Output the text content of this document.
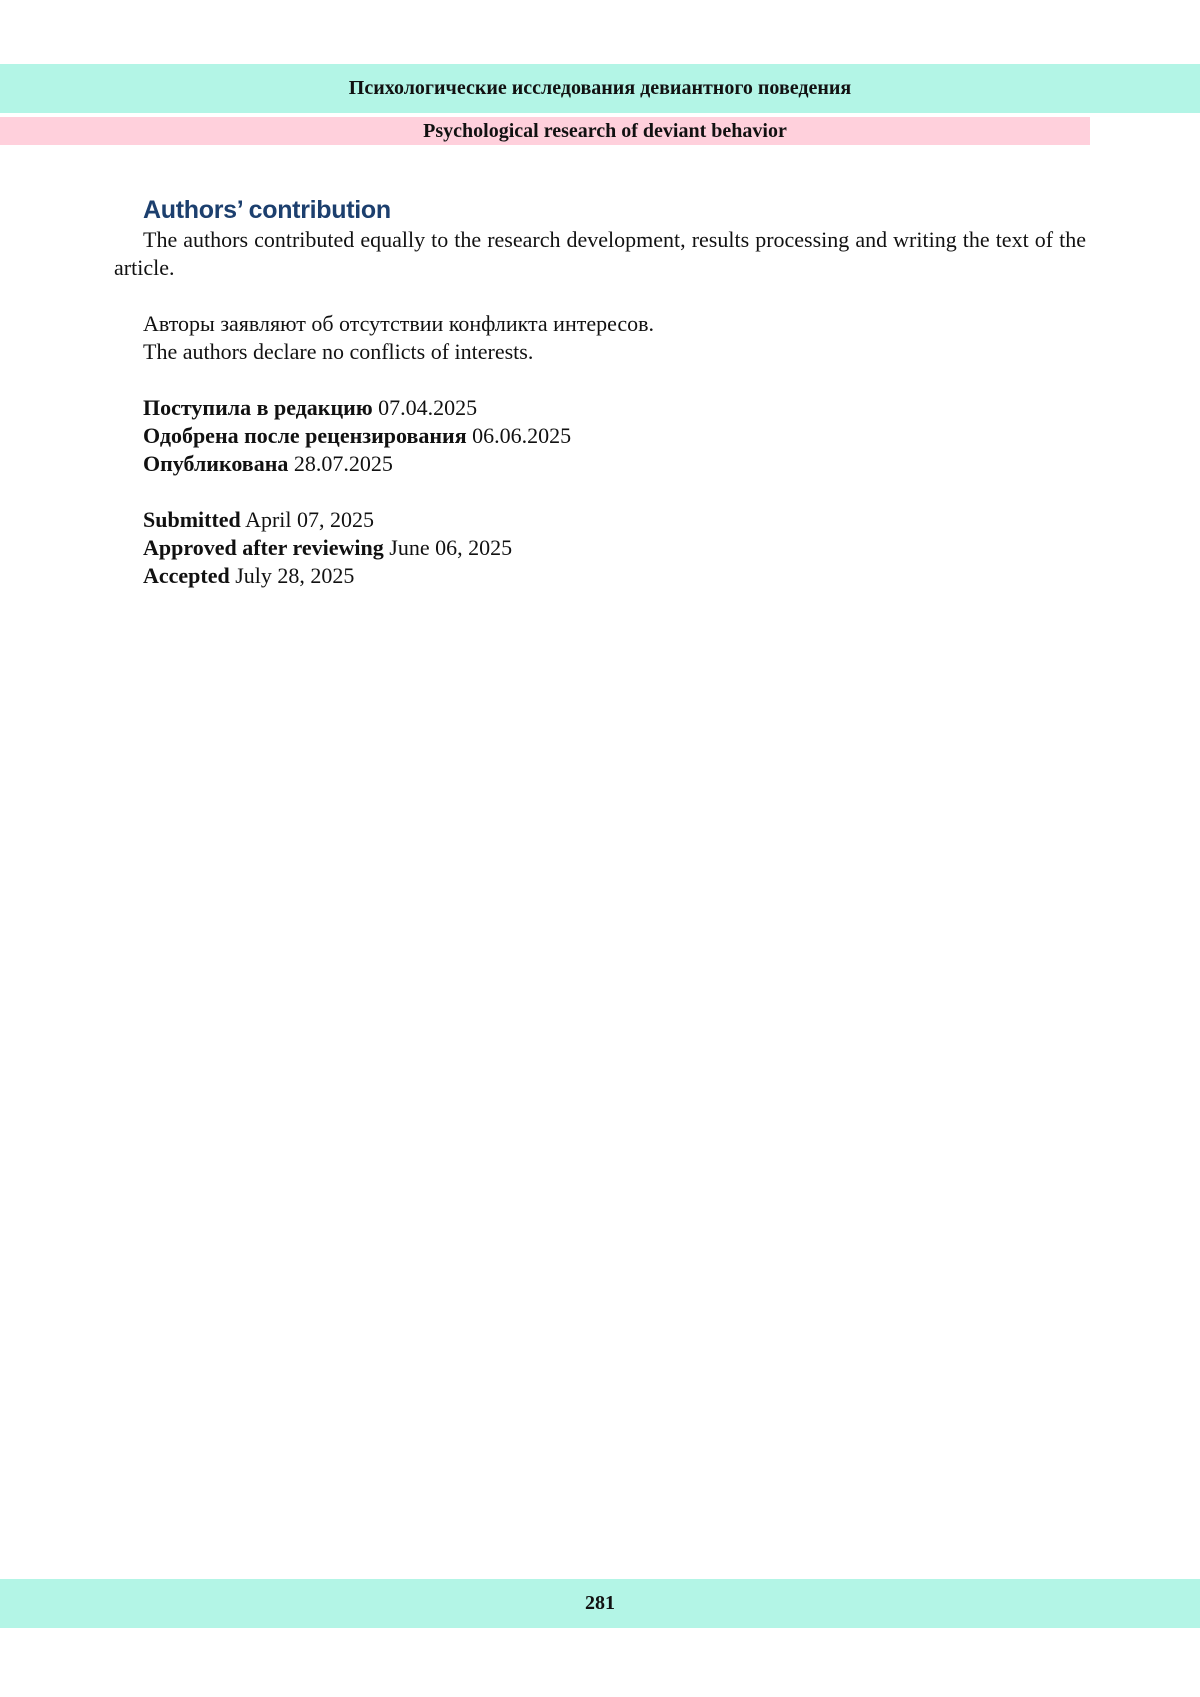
Психологические исследования девиантного поведения
Psychological research of deviant behavior
Authors’ contribution

The authors contributed equally to the research development, results processing and writing the text of the article.

Авторы заявляют об отсутствии конфликта интересов.
The authors declare no conflicts of interests.
Поступила в редакцию 07.04.2025
Одобрена после рецензирования 06.06.2025
Опубликована 28.07.2025
Submitted April 07, 2025
Approved after reviewing June 06, 2025
Accepted July 28, 2025
281
